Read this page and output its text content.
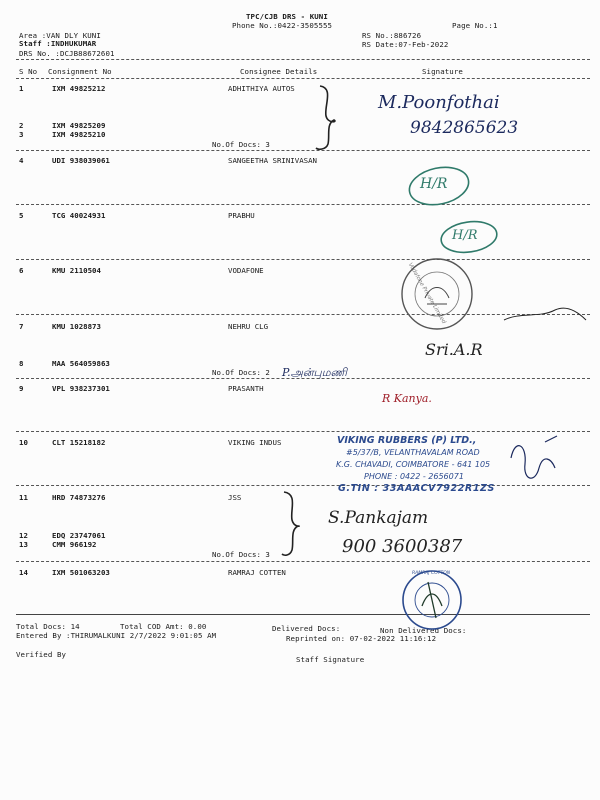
TPC/CJB DRS - KUNI
Phone No.:0422-3505555	Page No.:1
Area :VAN DLY KUNI
Staff :INDHUKUMAR
DRS No. :DCJB88672601
RS No.:886726
RS Date:07-Feb-2022
S No Consignment No	Consignee Details	Signature
1	IXM 49825212	ADHITHIYA AUTOS
2	IXM 49825209
3	IXM 49825210
No.Of Docs: 3
4	UDI 938039061	SANGEETHA SRINIVASAN
5	TCG 40024931	PRABHU
6	KMU 2110504	VODAFONE
7	KMU 1028873	NEHRU CLG
8	MAA 564059863
No.Of Docs: 2
9	VPL 938237301	PRASANTH
10	CLT 15218182	VIKING INDUS
11	HRD 74873276	JSS
12	EDQ 23747061
13	CMM 966192
No.Of Docs: 3
14	IXM 501063203	RAMRAJ COTTEN
Total Docs: 14	Total COD Amt: 0.00	Delivered Docs:	Non Delivered Docs:
Entered By :THIRUMALKUNI 2/7/2022 9:01:05 AM	Reprinted on: 07-02-2022 11:16:12
Verified By
Staff Signature
M.Poonfothai
9842865623
H/R
H/R
Vodafone Private Limited
Sri.A.R
P.அன்புமணி
R Kanya.
VIKING RUBBERS (P) LTD.,
#5/37/B, VELANTHAVALAM ROAD
K.G. CHAVADI, COIMBATORE - 641 105
PHONE : 0422 - 2656071
G.TIN : 33AAACV7922R1ZS
S.Pankajam
900 3600387
RAMRAJ COTTON
